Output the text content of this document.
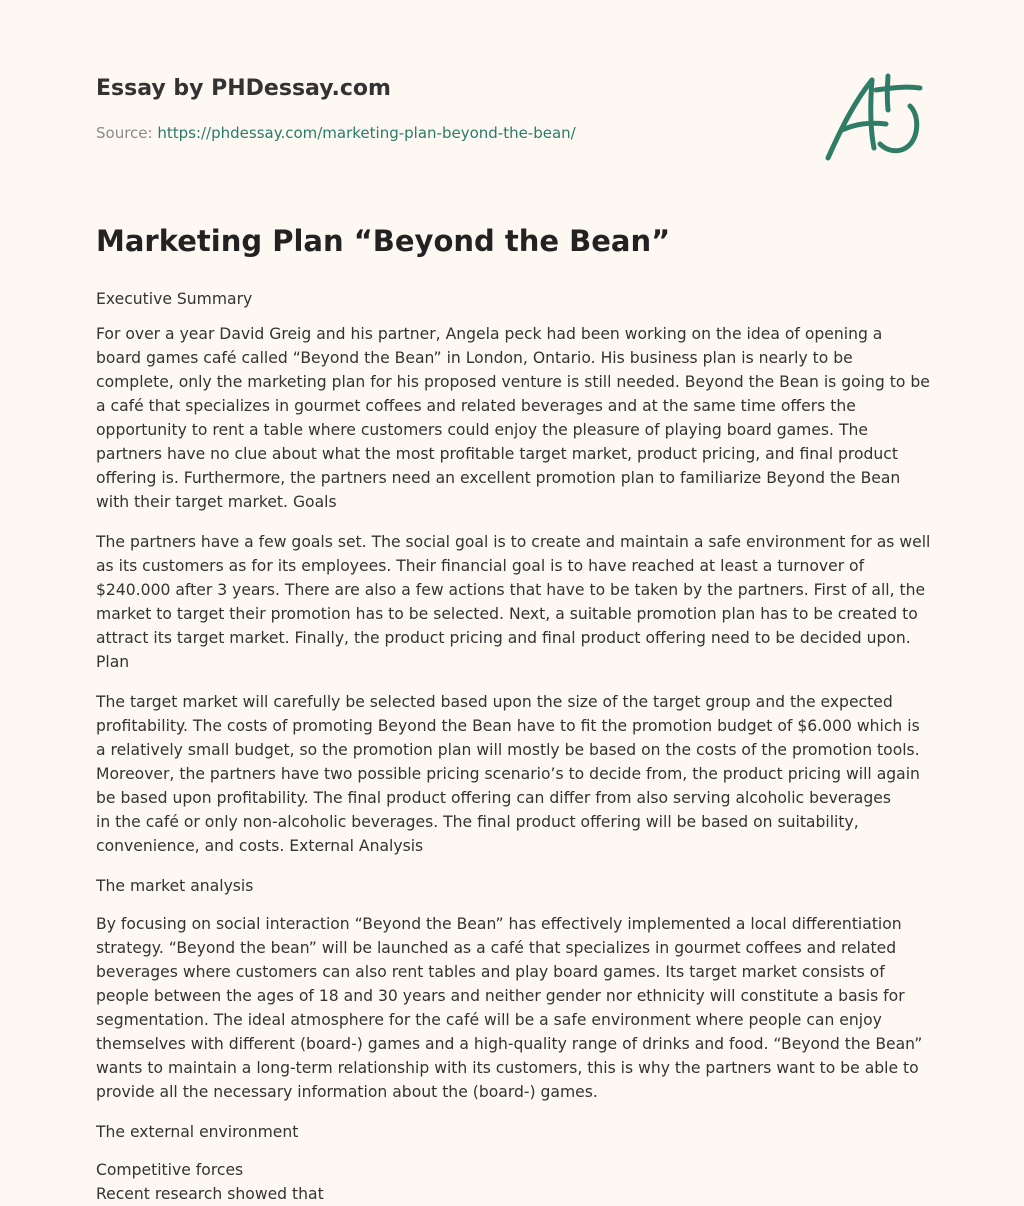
Essay by PHDessay.com
Source: https://phdessay.com/marketing-plan-beyond-the-bean/
Marketing Plan “Beyond the Bean”

Executive Summary

For over a year David Greig and his partner, Angela peck had been working on the idea of opening a board games café called “Beyond the Bean” in London, Ontario. His business plan is nearly to be complete, only the marketing plan for his proposed venture is still needed. Beyond the Bean is going to be a café that specializes in gourmet coffees and related beverages and at the same time offers the opportunity to rent a table where customers could enjoy the pleasure of playing board games. The partners have no clue about what the most profitable target market, product pricing, and final product offering is. Furthermore, the partners need an excellent promotion plan to familiarize Beyond the Bean with their target market. Goals

The partners have a few goals set. The social goal is to create and maintain a safe environment for as well as its customers as for its employees. Their financial goal is to have reached at least a turnover of $240.000 after 3 years. There are also a few actions that have to be taken by the partners. First of all, the market to target their promotion has to be selected. Next, a suitable promotion plan has to be created to attract its target market. Finally, the product pricing and final product offering need to be decided upon. Plan

The target market will carefully be selected based upon the size of the target group and the expected profitability. The costs of promoting Beyond the Bean have to fit the promotion budget of $6.000 which is a relatively small budget, so the promotion plan will mostly be based on the costs of the promotion tools. Moreover, the partners have two possible pricing scenario’s to decide from, the product pricing will again be based upon profitability. The final product offering can differ from also serving alcoholic beverages

in the café or only non-alcoholic beverages. The final product offering will be based on suitability, convenience, and costs. External Analysis

The market analysis

By focusing on social interaction “Beyond the Bean” has effectively implemented a local differentiation strategy. “Beyond the bean” will be launched as a café that specializes in gourmet coffees and related beverages where customers can also rent tables and play board games. Its target market consists of people between the ages of 18 and 30 years and neither gender nor ethnicity will constitute a basis for segmentation. The ideal atmosphere for the café will be a safe environment where people can enjoy themselves with different (board-) games and a high-quality range of drinks and food. “Beyond the Bean” wants to maintain a long-term relationship with its customers, this is why the partners want to be able to provide all the necessary information about the (board-) games.

The external environment

Competitive forces

Recent research showed that
